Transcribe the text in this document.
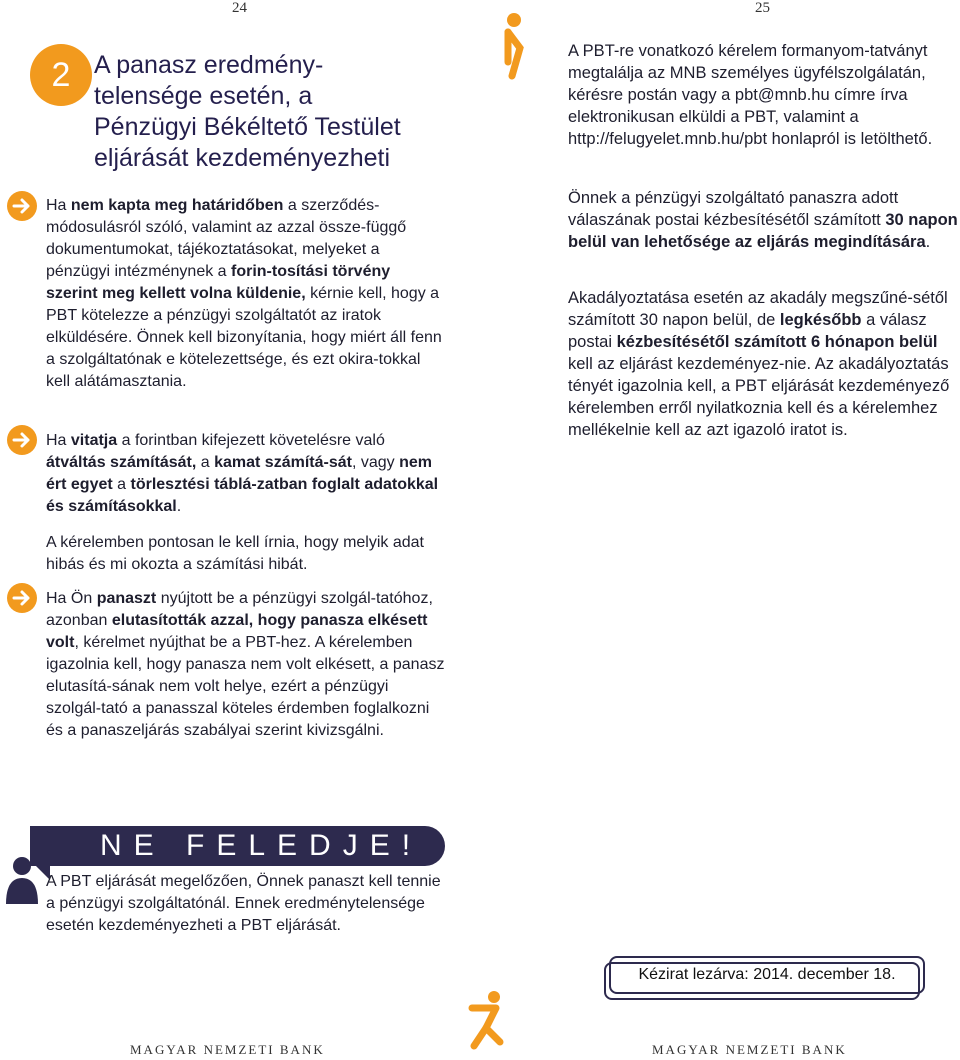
24	25
2 A panasz eredmény-
telensége esetén, a
Pénzügyi Békéltető Testület
eljárását kezdeményezheti
Ha nem kapta meg határidőben a szerződés-módosulásról szóló, valamint az azzal össze-függő dokumentumokat, tájékoztatásokat, melyeket a pénzügyi intézménynek a forin-tosítási törvény szerint meg kellett volna küldenie, kérnie kell, hogy a PBT kötelezze a pénzügyi szolgáltatót az iratok elküldésére. Önnek kell bizonyítania, hogy miért áll fenn a szolgáltatónak e kötelezettsége, és ezt okira-tokkal kell alátámasztania.
Ha vitatja a forintban kifejezett követelésre való átváltás számítását, a kamat számítá-sát, vagy nem ért egyet a törlesztési táblá-zatban foglalt adatokkal és számításokkal.
A kérelemben pontosan le kell írnia, hogy melyik adat hibás és mi okozta a számítási hibát.
Ha Ön panaszt nyújtott be a pénzügyi szolgál-tatóhoz, azonban elutasították azzal, hogy panasza elkésett volt, kérelmet nyújthat be a PBT-hez. A kérelemben igazolnia kell, hogy panasza nem volt elkésett, a panasz elutasítá-sának nem volt helye, ezért a pénzügyi szolgál-tató a panasszal köteles érdemben foglalkozni és a panaszeljárás szabályai szerint kivizsgálni.
A PBT-re vonatkozó kérelem formanyom-tatványt megtalálja az MNB személyes ügyfélszolgálatán, kérésre postán vagy a pbt@mnb.hu címre írva elektronikusan elküldi a PBT, valamint a http://felugyelet.mnb.hu/pbt honlapról is letölthető.
Önnek a pénzügyi szolgáltató panaszra adott válaszának postai kézbesítésétől számított 30 napon belül van lehetősége az eljárás megindítására.
Akadályoztatása esetén az akadály megszűné-sétől számított 30 napon belül, de legkésőbb a válasz postai kézbesítésétől számított 6 hónapon belül kell az eljárást kezdeményez-nie. Az akadályoztatás tényét igazolnia kell, a PBT eljárását kezdeményező kérelemben erről nyilatkoznia kell és a kérelemhez mellékelnie kell az azt igazoló iratot is.
NE FELEDJE!
A PBT eljárását megelőzően, Önnek panaszt kell tennie a pénzügyi szolgáltatónál. Ennek eredménytelensége esetén kezdeményezheti a PBT eljárását.
Kézirat lezárva: 2014. december 18.
MAGYAR NEMZETI BANK	MAGYAR NEMZETI BANK
